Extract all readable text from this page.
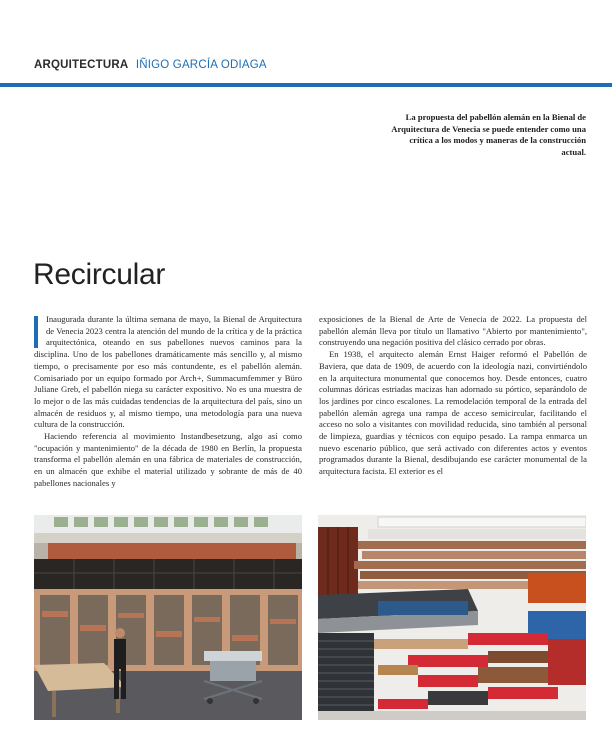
ARQUITECTURA IÑIGO GARCÍA ODIAGA
La propuesta del pabellón alemán en la Bienal de Arquitectura de Venecia se puede entender como una crítica a los modos y maneras de la construcción actual.
Recircular

Inaugurada durante la última semana de mayo, la Bienal de Arquitectura de Venecia 2023 centra la atención del mundo de la crítica y de la práctica arquitectónica, oteando en sus pabellones nuevos caminos para la disciplina. Uno de los pabellones dramáticamente más sencillo y, al mismo tiempo, o precisamente por eso más contundente, es el pabellón alemán. Comisariado por un equipo formado por Arch+, Summacumfemmer y Büro Juliane Greb, el pabellón niega su carácter expositivo. No es una muestra de lo mejor o de las más cuidadas tendencias de la arquitectura del país, sino un almacén de residuos y, al mismo tiempo, una metodología para una nueva cultura de la construcción.

Haciendo referencia al movimiento Instandbesetzung, algo así como "ocupación y mantenimiento" de la década de 1980 en Berlín, la propuesta transforma el pabellón alemán en una fábrica de materiales de construcción, en un almacén que exhibe el material utilizado y sobrante de más de 40 pabellones nacionales y

exposiciones de la Bienal de Arte de Venecia de 2022. La propuesta del pabellón alemán lleva por título un llamativo "Abierto por mantenimiento", construyendo una negación positiva del clásico cerrado por obras.

En 1938, el arquitecto alemán Ernst Haiger reformó el Pabellón de Baviera, que data de 1909, de acuerdo con la ideología nazi, convirtiéndolo en la arquitectura monumental que conocemos hoy. Desde entonces, cuatro columnas dóricas estriadas macizas han adornado su pórtico, separándolo de los jardines por cinco escalones. La remodelación temporal de la entrada del pabellón alemán agrega una rampa de acceso semicircular, facilitando el acceso no solo a visitantes con movilidad reducida, sino también al personal de limpieza, guardias y técnicos con equipo pesado. La rampa enmarca un nuevo escenario público, que será activado con diferentes actos y eventos programados durante la Bienal, desdibujando ese carácter monumental de la arquitectura facista. El exterior es el
